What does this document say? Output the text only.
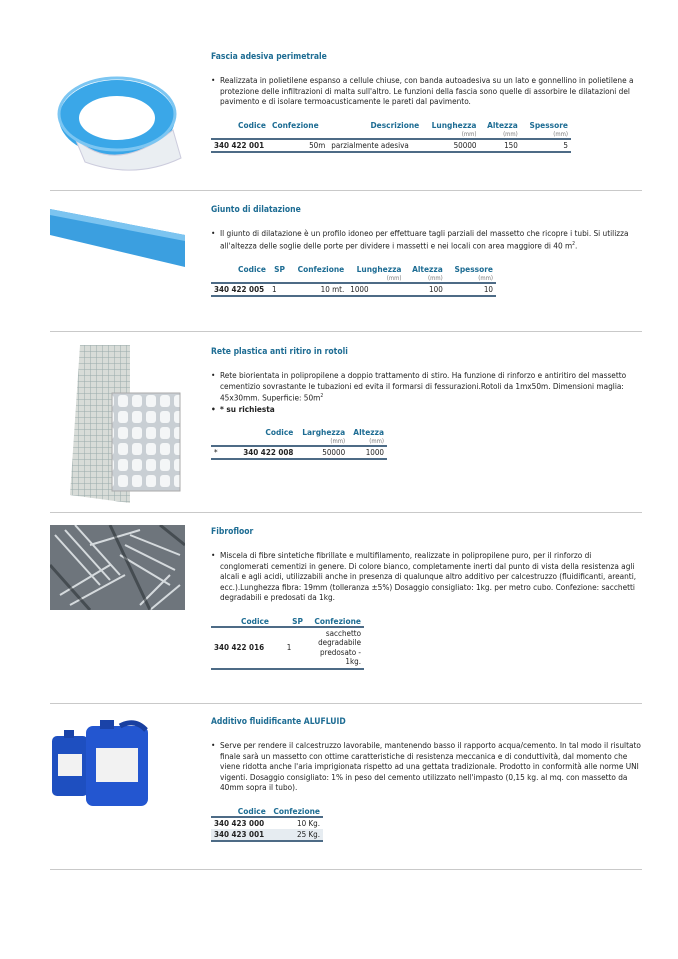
Fascia adesiva perimetrale

• Realizzata in polietilene espanso a cellule chiuse, con banda autoadesiva su un lato e gonnellino in polietilene a protezione delle infiltrazioni di malta sull'altro. Le funzioni della fascia sono quelle di assorbire le dilatazioni del pavimento e di isolare termoacusticamente le pareti dal pavimento.

Codice	Confezione	Descrizione	Lunghezza	Altezza	Spessore
			(mm)	(mm)	(mm)
340 422 001	50m	parzialmente adesiva	50000	150	5
Giunto di dilatazione

• Il giunto di dilatazione è un profilo idoneo per effettuare tagli parziali del massetto che ricopre i tubi. Si utilizza all'altezza delle soglie delle porte per dividere i massetti e nei locali con area maggiore di 40 $m^2$.

Codice	SP	Confezione	Lunghezza	Altezza	Spessore
			(mm)	(mm)	(mm)
340 422 005	1	10 mt.	1000	100	10
Rete plastica anti ritiro in rotoli

• Rete biorientata in polipropilene a doppio trattamento di stiro. Ha funzione di rinforzo e antiritiro del massetto cementizio sovrastante le tubazioni ed evita il formarsi di fessurazioni.Rotoli da 1mx50m. Dimensioni maglia: 45x30mm. Superficie: $50m^2$

• * su richiesta

	Codice	Larghezza	Altezza
		(mm)	(mm)
*	340 422 008	50000	1000
Fibrofloor

• Miscela di fibre sintetiche fibrillate e multifilamento, realizzate in polipropilene puro, per il rinforzo di conglomerati cementizi in genere. Di colore bianco, completamente inerti dal punto di vista della resistenza agli alcali e agli acidi, utilizzabili anche in presenza di qualunque altro additivo per calcestruzzo (fluidificanti, areanti, ecc.).Lunghezza fibra: 19mm (tolleranza ±5%) Dosaggio consigliato: 1kg. per metro cubo. Confezione: sacchetti degradabili e predosati da 1kg.

Codice	SP	Confezione
340 422 016	1	sacchetto degradabile predosato - 1kg.
Additivo fluidificante ALUFLUID

• Serve per rendere il calcestruzzo lavorabile, mantenendo basso il rapporto acqua/cemento. In tal modo il risultato finale sarà un massetto con ottime caratteristiche di resistenza meccanica e di conduttività, dal momento che viene ridotta anche l'aria imprigionata rispetto ad una gettata tradizionale. Prodotto in conformità alle norme UNI vigenti. Dosaggio consigliato: 1% in peso del cemento utilizzato nell'impasto (0,15 kg. al mq. con massetto da 40mm sopra il tubo).

Codice	Confezione
340 423 000	10 Kg.
340 423 001	25 Kg.
